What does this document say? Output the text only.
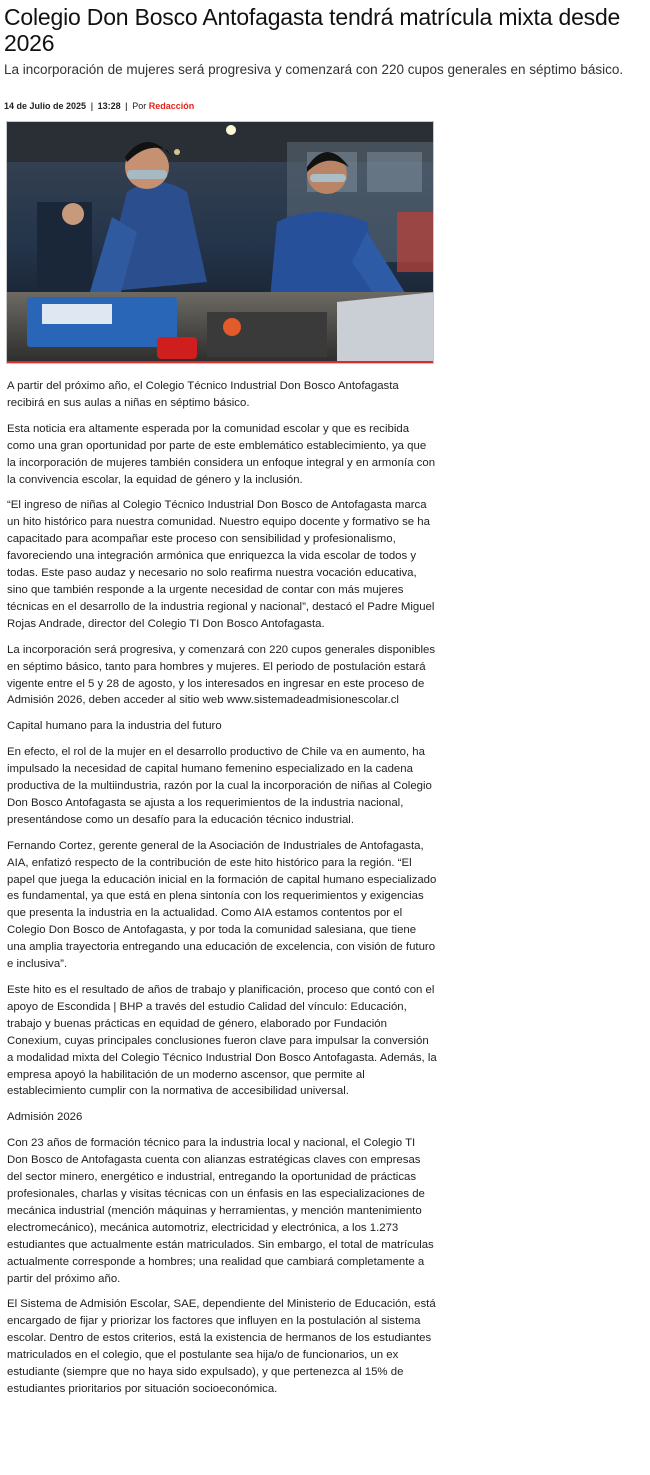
Colegio Don Bosco Antofagasta tendrá matrícula mixta desde 2026

La incorporación de mujeres será progresiva y comenzará con 220 cupos generales en séptimo básico.

14 de Julio de 2025 | 13:28 | Por Redacción

A partir del próximo año, el Colegio Técnico Industrial Don Bosco Antofagasta recibirá en sus aulas a niñas en séptimo básico.

Esta noticia era altamente esperada por la comunidad escolar y que es recibida como una gran oportunidad por parte de este emblemático establecimiento, ya que la incorporación de mujeres también considera un enfoque integral y en armonía con la convivencia escolar, la equidad de género y la inclusión.

“El ingreso de niñas al Colegio Técnico Industrial Don Bosco de Antofagasta marca un hito histórico para nuestra comunidad. Nuestro equipo docente y formativo se ha capacitado para acompañar este proceso con sensibilidad y profesionalismo, favoreciendo una integración armónica que enriquezca la vida escolar de todos y todas. Este paso audaz y necesario no solo reafirma nuestra vocación educativa, sino que también responde a la urgente necesidad de contar con más mujeres técnicas en el desarrollo de la industria regional y nacional”, destacó el Padre Miguel Rojas Andrade, director del Colegio TI Don Bosco Antofagasta.

La incorporación será progresiva, y comenzará con 220 cupos generales disponibles en séptimo básico, tanto para hombres y mujeres. El periodo de postulación estará vigente entre el 5 y 28 de agosto, y los interesados en ingresar en este proceso de Admisión 2026, deben acceder al sitio web www.sistemadeadmisionescolar.cl

Capital humano para la industria del futuro

En efecto, el rol de la mujer en el desarrollo productivo de Chile va en aumento, ha impulsado la necesidad de capital humano femenino especializado en la cadena productiva de la multiindustria, razón por la cual la incorporación de niñas al Colegio Don Bosco Antofagasta se ajusta a los requerimientos de la industria nacional, presentándose como un desafío para la educación técnico industrial.

Fernando Cortez, gerente general de la Asociación de Industriales de Antofagasta, AIA, enfatizó respecto de la contribución de este hito histórico para la región. “El papel que juega la educación inicial en la formación de capital humano especializado es fundamental, ya que está en plena sintonía con los requerimientos y exigencias que presenta la industria en la actualidad. Como AIA estamos contentos por el Colegio Don Bosco de Antofagasta, y por toda la comunidad salesiana, que tiene una amplia trayectoria entregando una educación de excelencia, con visión de futuro e inclusiva”.

Este hito es el resultado de años de trabajo y planificación, proceso que contó con el apoyo de Escondida | BHP a través del estudio Calidad del vínculo: Educación, trabajo y buenas prácticas en equidad de género, elaborado por Fundación Conexium, cuyas principales conclusiones fueron clave para impulsar la conversión a modalidad mixta del Colegio Técnico Industrial Don Bosco Antofagasta. Además, la empresa apoyó la habilitación de un moderno ascensor, que permite al establecimiento cumplir con la normativa de accesibilidad universal.

Admisión 2026

Con 23 años de formación técnico para la industria local y nacional, el Colegio TI Don Bosco de Antofagasta cuenta con alianzas estratégicas claves con empresas del sector minero, energético e industrial, entregando la oportunidad de prácticas profesionales, charlas y visitas técnicas con un énfasis en las especializaciones de mecánica industrial (mención máquinas y herramientas, y mención mantenimiento electromecánico), mecánica automotriz, electricidad y electrónica, a los 1.273 estudiantes que actualmente están matriculados. Sin embargo, el total de matrículas actualmente corresponde a hombres; una realidad que cambiará completamente a partir del próximo año.

El Sistema de Admisión Escolar, SAE, dependiente del Ministerio de Educación, está encargado de fijar y priorizar los factores que influyen en la postulación al sistema escolar. Dentro de estos criterios, está la existencia de hermanos de los estudiantes matriculados en el colegio, que el postulante sea hija/o de funcionarios, un ex estudiante (siempre que no haya sido expulsado), y que pertenezca al 15% de estudiantes prioritarios por situación socioeconómica.
